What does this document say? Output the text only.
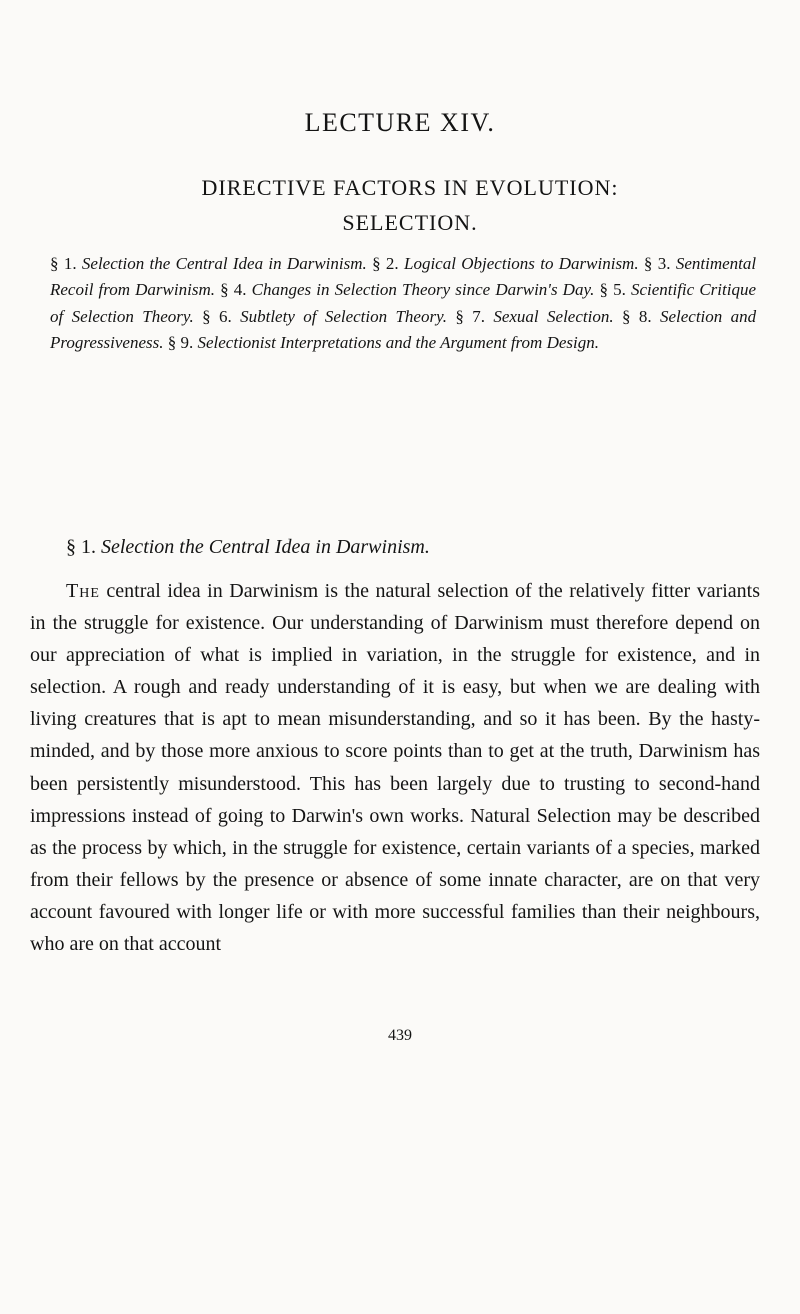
LECTURE XIV.
DIRECTIVE FACTORS IN EVOLUTION:
SELECTION.

§ 1. Selection the Central Idea in Darwinism. § 2. Logical Objections to Darwinism. § 3. Sentimental Recoil from Darwinism. § 4. Changes in Selection Theory since Darwin's Day. § 5. Scientific Critique of Selection Theory. § 6. Subtlety of Selection Theory. § 7. Sexual Selection. § 8. Selection and Progressiveness. § 9. Selectionist Interpretations and the Argument from Design.

§ 1. Selection the Central Idea in Darwinism.

The central idea in Darwinism is the natural selection of the relatively fitter variants in the struggle for existence. Our understanding of Darwinism must therefore depend on our appreciation of what is implied in variation, in the struggle for existence, and in selection. A rough and ready understanding of it is easy, but when we are dealing with living creatures that is apt to mean misunderstanding, and so it has been. By the hasty-minded, and by those more anxious to score points than to get at the truth, Darwinism has been persistently misunderstood. This has been largely due to trusting to second-hand impressions instead of going to Darwin's own works. Natural Selection may be described as the process by which, in the struggle for existence, certain variants of a species, marked from their fellows by the presence or absence of some innate character, are on that very account favoured with longer life or with more successful families than their neighbours, who are on that account

439
